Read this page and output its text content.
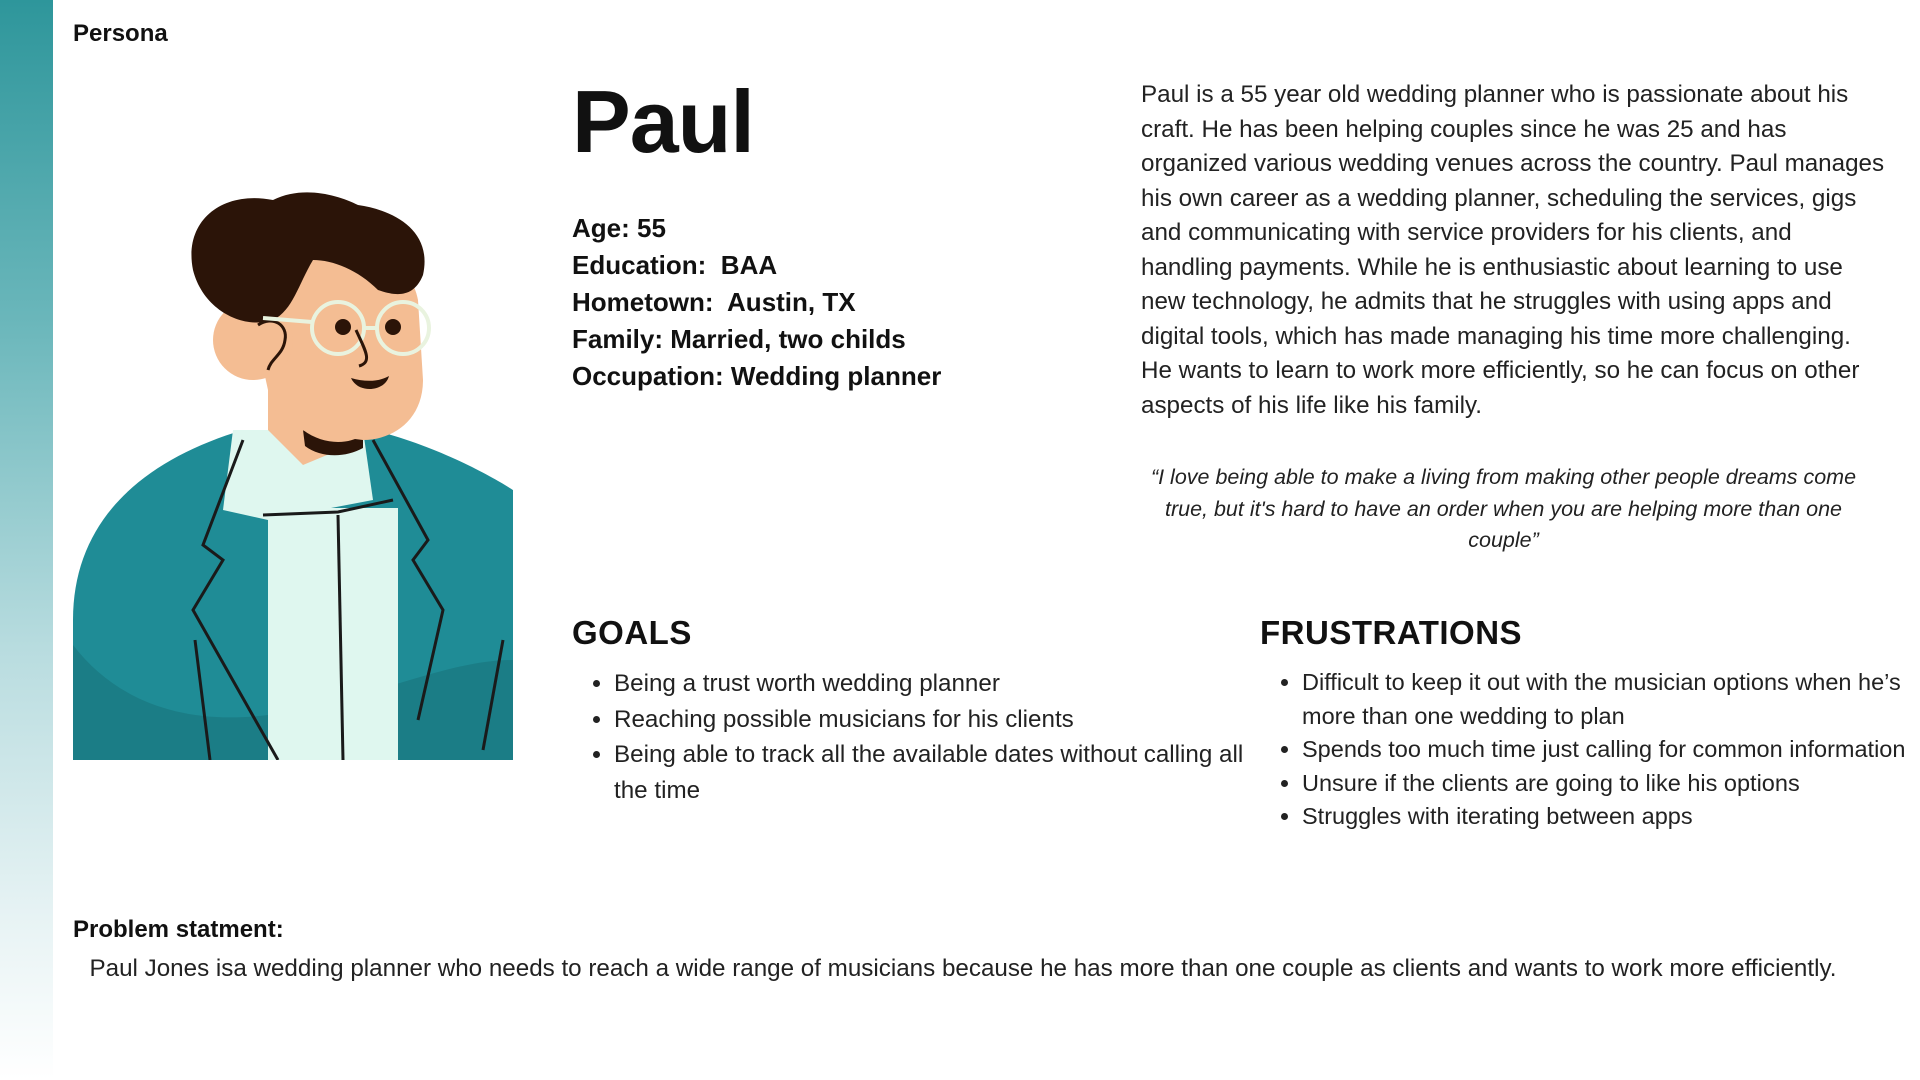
Persona
Paul
Age: 55
Education: BAA
Hometown: Austin, TX
Family: Married, two childs
Occupation: Wedding planner
Paul is a 55 year old wedding planner who is passionate about his craft. He has been helping couples since he was 25 and has organized various wedding venues across the country. Paul manages his own career as a wedding planner, scheduling the services, gigs and communicating with service providers for his clients, and handling payments. While he is enthusiastic about learning to use new technology, he admits that he struggles with using apps and digital tools, which has made managing his time more challenging. He wants to learn to work more efficiently, so he can focus on other aspects of his life like his family.
“I love being able to make a living from making other people dreams come true, but it's hard to have an order when you are helping more than one couple”
GOALS
• Being a trust worth wedding planner
• Reaching possible musicians for his clients
• Being able to track all the available dates without calling all the time
FRUSTRATIONS
• Difficult to keep it out with the musician options when he’s more than one wedding to plan
• Spends too much time just calling for common information
• Unsure if the clients are going to like his options
• Struggles with iterating between apps
Problem statment:
Paul Jones isa wedding planner who needs to reach a wide range of musicians because he has more than one couple as clients and wants to work more efficiently.
